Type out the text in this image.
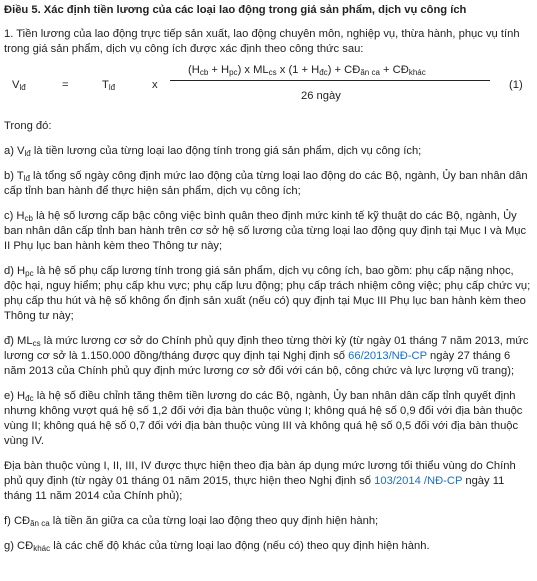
Điều 5. Xác định tiền lương của các loại lao động trong giá sản phẩm, dịch vụ công ích

1. Tiền lương của lao động trực tiếp sản xuất, lao động chuyên môn, nghiệp vụ, thừa hành, phục vụ tính trong giá sản phẩm, dịch vụ công ích được xác định theo công thức sau:

$V_{lđ}$	=	$T_{lđ}$	x
$(H_{cb} + H_{pc})$ x $ML_{cs}$ x $(1 + H_{đc})$ + $CĐ_{ăn ca}$ + $CĐ_{khác}$
26 ngày
(1)

Trong đó:

a) $V_{lđ}$ là tiền lương của từng loại lao động tính trong giá sản phẩm, dịch vụ công ích;

b) $T_{lđ}$ là tổng số ngày công định mức lao động của từng loại lao động do các Bộ, ngành, Ủy ban nhân dân cấp tỉnh ban hành để thực hiện sản phẩm, dịch vụ công ích;

c) $H_{cb}$ là hệ số lương cấp bậc công việc bình quân theo định mức kinh tế kỹ thuật do các Bộ, ngành, Ủy ban nhân dân cấp tỉnh ban hành trên cơ sở hệ số lương của từng loại lao động quy định tại Mục I và Mục II Phụ lục ban hành kèm theo Thông tư này;

d) $H_{pc}$ là hệ số phụ cấp lương tính trong giá sản phẩm, dịch vụ công ích, bao gồm: phụ cấp nặng nhọc, độc hại, nguy hiểm; phụ cấp khu vực; phụ cấp lưu động; phụ cấp trách nhiệm công việc; phụ cấp chức vụ; phụ cấp thu hút và hệ số không ổn định sản xuất (nếu có) quy định tại Mục III Phụ lục ban hành kèm theo Thông tư này;

đ) $ML_{cs}$ là mức lương cơ sở do Chính phủ quy định theo từng thời kỳ (từ ngày 01 tháng 7 năm 2013, mức lương cơ sở là 1.150.000 đồng/tháng được quy định tại Nghị định số 66/2013/NĐ-CP ngày 27 tháng 6 năm 2013 của Chính phủ quy định mức lương cơ sở đối với cán bộ, công chức và lực lượng vũ trang);

e) $H_{đc}$ là hệ số điều chỉnh tăng thêm tiền lương do các Bộ, ngành, Ủy ban nhân dân cấp tỉnh quyết định nhưng không vượt quá hệ số 1,2 đối với địa bàn thuộc vùng I; không quá hệ số 0,9 đối với địa bàn thuộc vùng II; không quá hệ số 0,7 đối với địa bàn thuộc vùng III và không quá hệ số 0,5 đối với địa bàn thuộc vùng IV.

Địa bàn thuộc vùng I, II, III, IV được thực hiện theo địa bàn áp dụng mức lương tối thiểu vùng do Chính phủ quy định (từ ngày 01 tháng 01 năm 2015, thực hiện theo Nghị định số 103/2014 /NĐ-CP ngày 11 tháng 11 năm 2014 của Chính phủ);

f) $CĐ_{ăn ca}$ là tiền ăn giữa ca của từng loại lao động theo quy định hiện hành;

g) $CĐ_{khác}$ là các chế độ khác của từng loại lao động (nếu có) theo quy định hiện hành.
